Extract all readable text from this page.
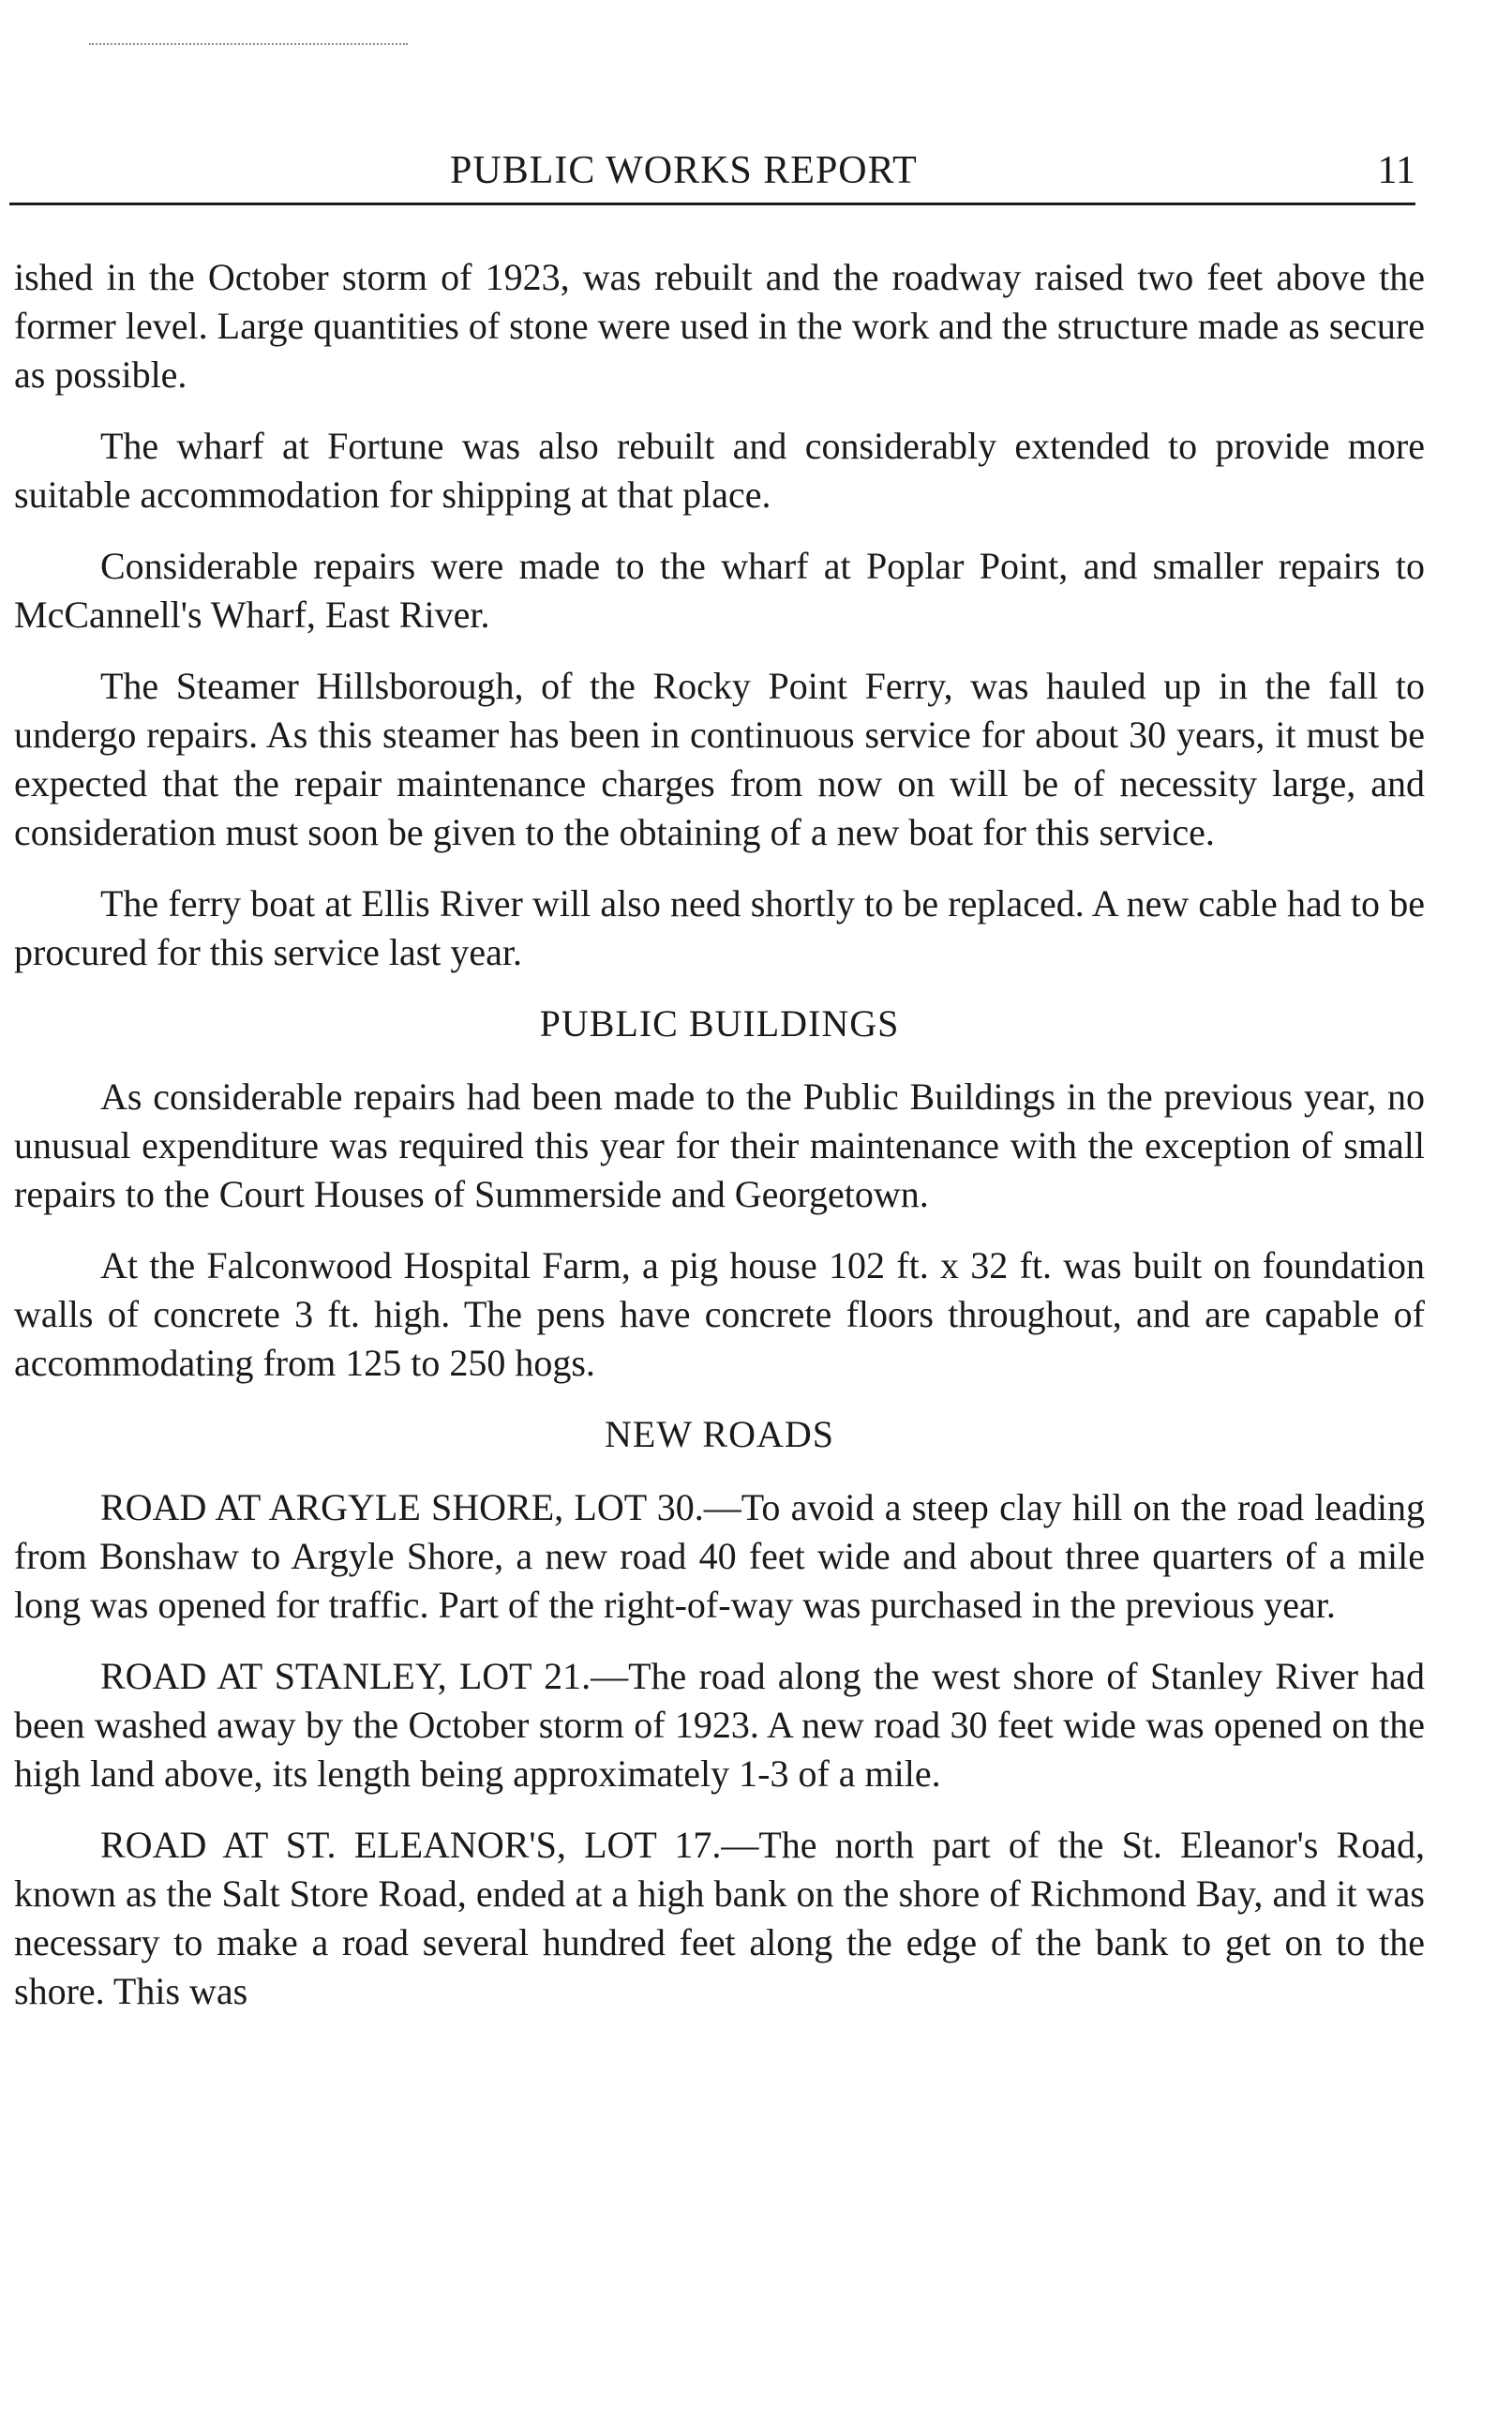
PUBLIC WORKS REPORT	11

ished in the October storm of 1923, was rebuilt and the roadway raised two feet above the former level. Large quantities of stone were used in the work and the structure made as secure as possible.

The wharf at Fortune was also rebuilt and considerably extended to provide more suitable accommodation for shipping at that place.

Considerable repairs were made to the wharf at Poplar Point, and smaller repairs to McCannell's Wharf, East River.

The Steamer Hillsborough, of the Rocky Point Ferry, was hauled up in the fall to undergo repairs. As this steamer has been in continuous service for about 30 years, it must be expected that the repair maintenance charges from now on will be of necessity large, and consideration must soon be given to the obtaining of a new boat for this service.

The ferry boat at Ellis River will also need shortly to be replaced. A new cable had to be procured for this service last year.

PUBLIC BUILDINGS

As considerable repairs had been made to the Public Buildings in the previous year, no unusual expenditure was required this year for their maintenance with the exception of small repairs to the Court Houses of Summerside and Georgetown.

At the Falconwood Hospital Farm, a pig house 102 ft. x 32 ft. was built on foundation walls of concrete 3 ft. high. The pens have concrete floors throughout, and are capable of accommodating from 125 to 250 hogs.

NEW ROADS

ROAD AT ARGYLE SHORE, LOT 30.—To avoid a steep clay hill on the road leading from Bonshaw to Argyle Shore, a new road 40 feet wide and about three quarters of a mile long was opened for traffic. Part of the right-of-way was purchased in the previous year.

ROAD AT STANLEY, LOT 21.—The road along the west shore of Stanley River had been washed away by the October storm of 1923. A new road 30 feet wide was opened on the high land above, its length being approximately 1-3 of a mile.

ROAD AT ST. ELEANOR'S, LOT 17.—The north part of the St. Eleanor's Road, known as the Salt Store Road, ended at a high bank on the shore of Richmond Bay, and it was necessary to make a road several hundred feet along the edge of the bank to get on to the shore. This was
